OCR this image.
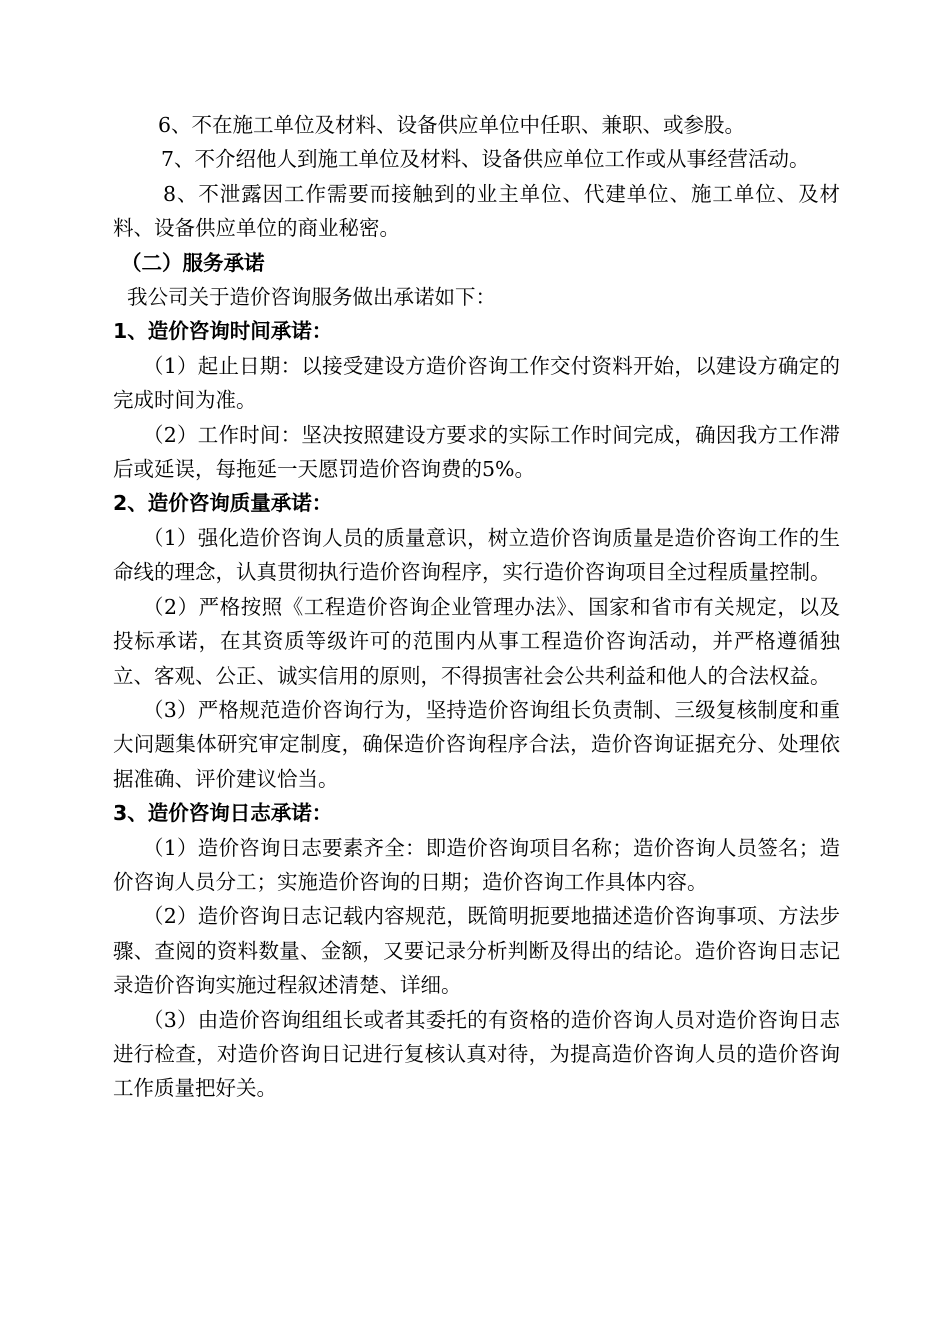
6、不在施工单位及材料、设备供应单位中任职、兼职、或参股。

7、不介绍他人到施工单位及材料、设备供应单位工作或从事经营活动。

8、不泄露因工作需要而接触到的业主单位、代建单位、施工单位、及材料、设备供应单位的商业秘密。

（二）服务承诺

我公司关于造价咨询服务做出承诺如下：

1、造价咨询时间承诺：

（1）起止日期：以接受建设方造价咨询工作交付资料开始，以建设方确定的完成时间为准。

（2）工作时间：坚决按照建设方要求的实际工作时间完成，确因我方工作滞后或延误，每拖延一天愿罚造价咨询费的5%。

2、造价咨询质量承诺：

（1）强化造价咨询人员的质量意识，树立造价咨询质量是造价咨询工作的生命线的理念，认真贯彻执行造价咨询程序，实行造价咨询项目全过程质量控制。

（2）严格按照《工程造价咨询企业管理办法》、国家和省市有关规定，以及投标承诺，在其资质等级许可的范围内从事工程造价咨询活动，并严格遵循独立、客观、公正、诚实信用的原则，不得损害社会公共利益和他人的合法权益。

（3）严格规范造价咨询行为，坚持造价咨询组长负责制、三级复核制度和重大问题集体研究审定制度，确保造价咨询程序合法，造价咨询证据充分、处理依据准确、评价建议恰当。

3、造价咨询日志承诺：

（1）造价咨询日志要素齐全：即造价咨询项目名称；造价咨询人员签名；造价咨询人员分工；实施造价咨询的日期；造价咨询工作具体内容。

（2）造价咨询日志记载内容规范，既简明扼要地描述造价咨询事项、方法步骤、查阅的资料数量、金额，又要记录分析判断及得出的结论。造价咨询日志记录造价咨询实施过程叙述清楚、详细。

（3）由造价咨询组组长或者其委托的有资格的造价咨询人员对造价咨询日志进行检查，对造价咨询日记进行复核认真对待，为提高造价咨询人员的造价咨询工作质量把好关。
